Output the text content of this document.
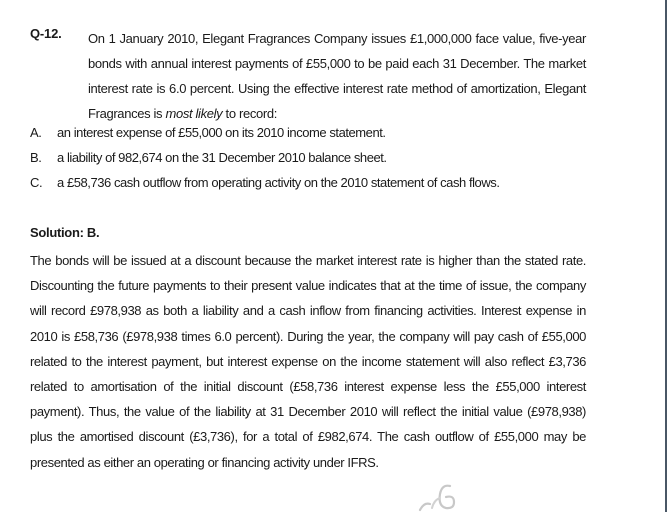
Q-12. On 1 January 2010, Elegant Fragrances Company issues £1,000,000 face value, five-year bonds with annual interest payments of £55,000 to be paid each 31 December. The market interest rate is 6.0 percent. Using the effective interest rate method of amortization, Elegant Fragrances is most likely to record:
A.	an interest expense of £55,000 on its 2010 income statement.
B.	a liability of 982,674 on the 31 December 2010 balance sheet.
C.	a £58,736 cash outflow from operating activity on the 2010 statement of cash flows.
Solution: B.
The bonds will be issued at a discount because the market interest rate is higher than the stated rate. Discounting the future payments to their present value indicates that at the time of issue, the company will record £978,938 as both a liability and a cash inflow from financing activities. Interest expense in 2010 is £58,736 (£978,938 times 6.0 percent). During the year, the company will pay cash of £55,000 related to the interest payment, but interest expense on the income statement will also reflect £3,736 related to amortisation of the initial discount (£58,736 interest expense less the £55,000 interest payment). Thus, the value of the liability at 31 December 2010 will reflect the initial value (£978,938) plus the amortised discount (£3,736), for a total of £982,674. The cash outflow of £55,000 may be presented as either an operating or financing activity under IFRS.
